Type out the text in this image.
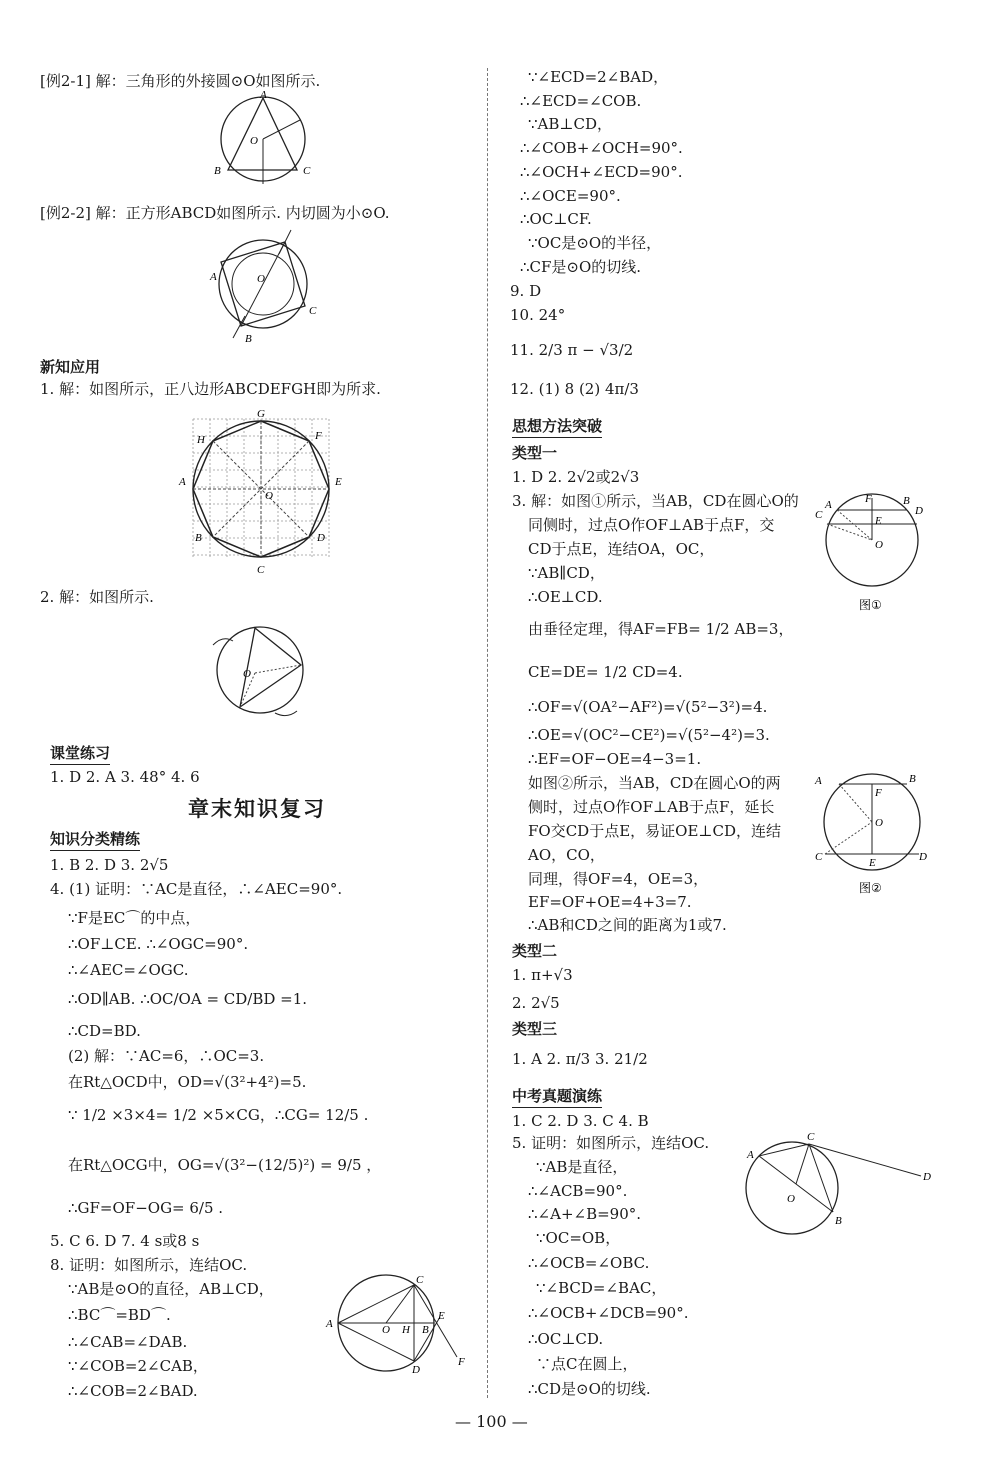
[例2-1] 解：三角形的外接圆⊙O如图所示.
A
B	C
O
[例2-2] 解：正方形ABCD如图所示. 内切圆为小⊙O.
A
C
B
O
新知应用
1. 解：如图所示，正八边形ABCDEFGH即为所求.
G
F
E
D
C
B
A
H
O
2. 解：如图所示.
O
课堂练习
1. D 2. A 3. 48° 4. 6
章末知识复习
知识分类精练
1. B 2. D 3. 2√5
4. (1) 证明：∵AC是直径，∴∠AEC=90°.
∵F是EC⌒的中点，
∴OF⊥CE. ∴∠OGC=90°.
∴∠AEC=∠OGC.
∴OD∥AB. ∴OC/OA = CD/BD =1.
∴CD=BD.
(2) 解：∵AC=6，∴OC=3.
在Rt△OCD中，OD=√(3²+4²)=5.
∵ 1/2 ×3×4= 1/2 ×5×CG，∴CG= 12/5 .
在Rt△OCG中，OG=√(3²−(12/5)²) = 9/5 ，
∴GF=OF−OG= 6/5 .
5. C 6. D 7. 4 s或8 s
8. 证明：如图所示，连结OC.
∵AB是⊙O的直径，AB⊥CD，
∴BC⌒=BD⌒.
∴∠CAB=∠DAB.
∵∠COB=2∠CAB，
∴∠COB=2∠BAD.
A	O H B
C
D
E
F
∵∠ECD=2∠BAD，
∴∠ECD=∠COB.
∵AB⊥CD，
∴∠COB+∠OCH=90°.
∴∠OCH+∠ECD=90°.
∴∠OCE=90°.
∴OC⊥CF.
∵OC是⊙O的半径，
∴CF是⊙O的切线.
9. D
10. 24°
11. 2/3 π − √3/2
12. (1) 8 (2) 4π/3
思想方法突破
类型一
1. D 2. 2√2或2√3
3. 解：如图①所示，当AB，CD在圆心O的
同侧时，过点O作OF⊥AB于点F，交
CD于点E，连结OA，OC，
∵AB∥CD，
∴OE⊥CD.
由垂径定理，得AF=FB= 1/2 AB=3，
CE=DE= 1/2 CD=4.
∴OF=√(OA²−AF²)=√(5²−3²)=4.
∴OE=√(OC²−CE²)=√(5²−4²)=3.
∴EF=OF−OE=4−3=1.
如图②所示，当AB，CD在圆心O的两
侧时，过点O作OF⊥AB于点F，延长
FO交CD于点E，易证OE⊥CD，连结
AO，CO，
同理，得OF=4，OE=3，
EF=OF+OE=4+3=7.
∴AB和CD之间的距离为1或7.
A	F	B
C	E
D
O
图①
A	B
F
O
C	E	D
图②
类型二
1. π+√3
2. 2√5
类型三
1. A 2. π/3 3. 21/2
中考真题演练
1. C 2. D 3. C 4. B
5. 证明：如图所示，连结OC.
∵AB是直径，
∴∠ACB=90°.
∴∠A+∠B=90°.
∵OC=OB，
∴∠OCB=∠OBC.
∵∠BCD=∠BAC，
∴∠OCB+∠DCB=90°.
∴OC⊥CD.
∵点C在圆上，
∴CD是⊙O的切线.
A
C
B
O
D
— 100 —
